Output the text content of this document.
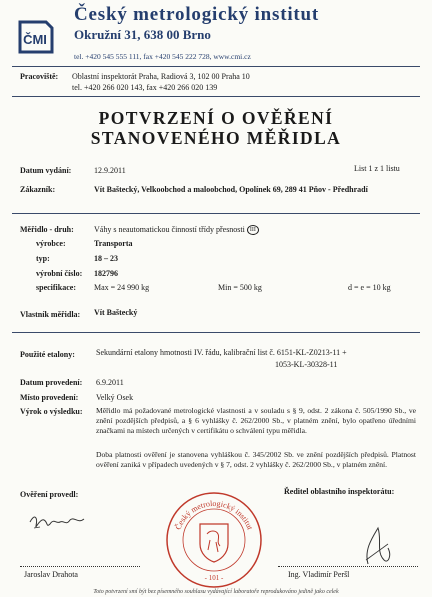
ČMI
Český metrologický institut
Okružní 31, 638 00 Brno
tel. +420 545 555 111, fax +420 545 222 728, www.cmi.cz
Pracoviště: Oblastní inspektorát Praha, Radiová 3, 102 00 Praha 10
tel. +420 266 020 143, fax +420 266 020 139
POTVRZENÍ O OVĚŘENÍ
STANOVENÉHO MĚŘIDLA
Datum vydání:	12.9.2011	List 1 z 1 listu
Zákazník:	Vít Baštecký, Velkoobchod a maloobchod, Opolínek 69, 289 41 Pňov - Předhradí
Měřidlo - druh:	Váhy s neautomatickou činností třídy přesnosti III
výrobce:	Transporta
typ:	18 – 23
výrobní číslo: 182796
specifikace: Max = 24 990 kg	Min = 500 kg	d = e = 10 kg
Vlastník měřidla: Vít Baštecký
Použité etalony:	Sekundární etalony hmotnosti IV. řádu, kalibrační list č. 6151-KL-Z0213-11 +
1053-KL-30328-11
Datum provedení: 6.9.2011
Místo provedení: Velký Osek
Výrok o výsledku: Měřidlo má požadované metrologické vlastnosti a v souladu s § 9, odst. 2 zákona č. 505/1990 Sb., ve znění pozdějších předpisů, a § 6 vyhlášky č. 262/2000 Sb., v platném znění, bylo opatřeno úředními značkami na místech určených v certifikátu o schválení typu měřidla.
Doba platnosti ověření je stanovena vyhláškou č. 345/2002 Sb. ve znění pozdějších předpisů. Platnost ověření zaniká v případech uvedených v § 7, odst. 2 vyhlášky č. 262/2000 Sb., v platném znění.
Ověření provedl:	Ředitel oblastního inspektorátu:
Český metrologický institut
- 101 -
Jaroslav Drahota	Ing. Vladimír Peršl
Toto potvrzení smí být bez písemného souhlasu vydávající laboratoře reprodukováno jedině jako celek
